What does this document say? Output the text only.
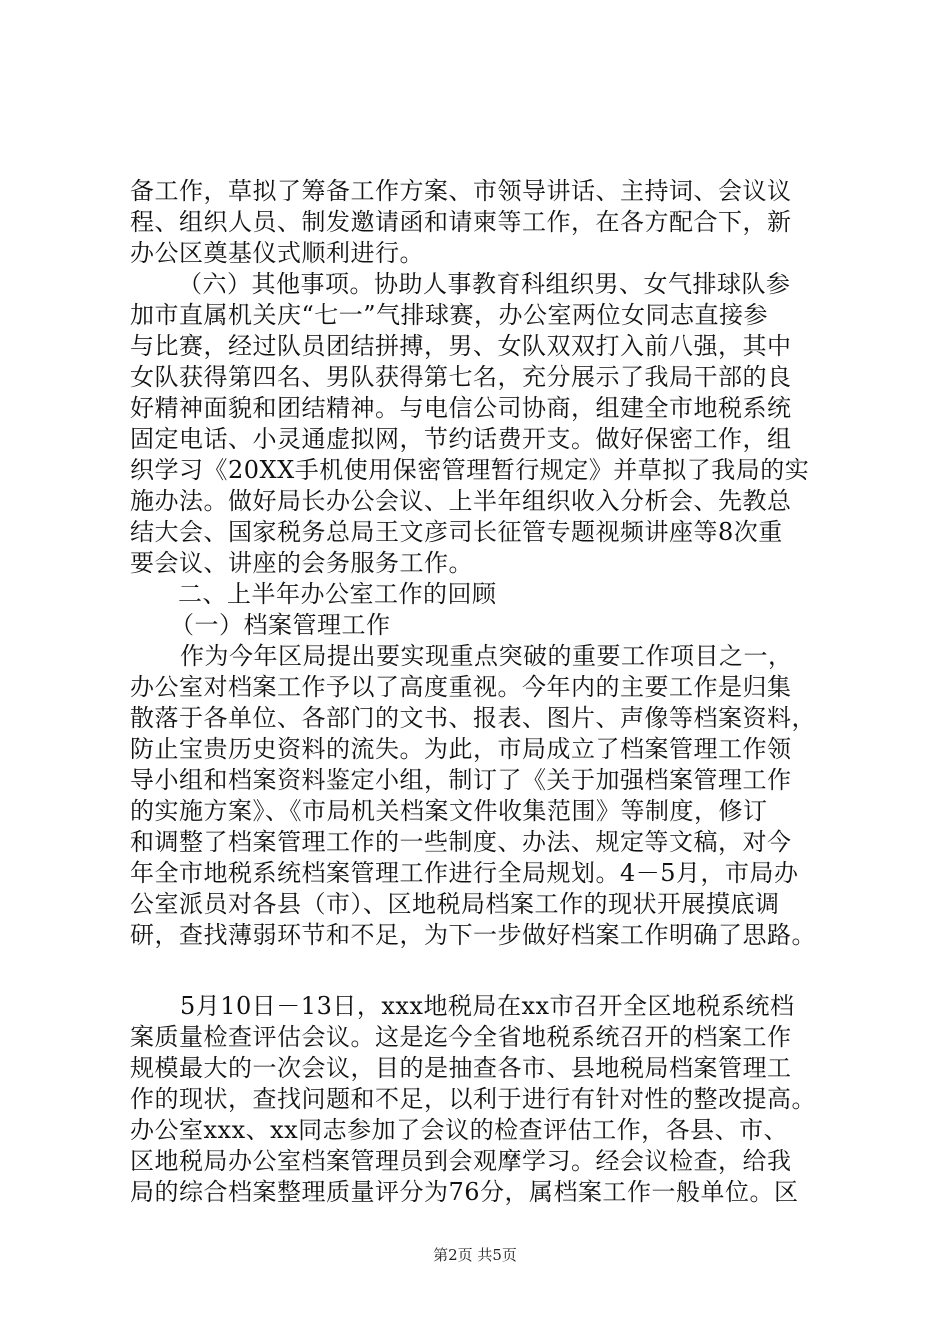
备工作，草拟了筹备工作方案、市领导讲话、主持词、会议议
程、组织人员、制发邀请函和请柬等工作，在各方配合下，新
办公区奠基仪式顺利进行。
（六）其他事项。协助人事教育科组织男、女气排球队参
加市直属机关庆“七一”气排球赛，办公室两位女同志直接参
与比赛，经过队员团结拼搏，男、女队双双打入前八强，其中
女队获得第四名、男队获得第七名，充分展示了我局干部的良
好精神面貌和团结精神。与电信公司协商，组建全市地税系统
固定电话、小灵通虚拟网，节约话费开支。做好保密工作，组
织学习《20XX手机使用保密管理暂行规定》并草拟了我局的实
施办法。做好局长办公会议、上半年组织收入分析会、先教总
结大会、国家税务总局王文彦司长征管专题视频讲座等8次重
要会议、讲座的会务服务工作。
二、上半年办公室工作的回顾
（一）档案管理工作
作为今年区局提出要实现重点突破的重要工作项目之一，
办公室对档案工作予以了高度重视。今年内的主要工作是归集
散落于各单位、各部门的文书、报表、图片、声像等档案资料，
防止宝贵历史资料的流失。为此，市局成立了档案管理工作领
导小组和档案资料鉴定小组，制订了《关于加强档案管理工作
的实施方案》、《市局机关档案文件收集范围》等制度，修订
和调整了档案管理工作的一些制度、办法、规定等文稿，对今
年全市地税系统档案管理工作进行全局规划。4－5月，市局办
公室派员对各县（市）、区地税局档案工作的现状开展摸底调
研，查找薄弱环节和不足，为下一步做好档案工作明确了思路。
5月10日－13日，xxx地税局在xx市召开全区地税系统档
案质量检查评估会议。这是迄今全省地税系统召开的档案工作
规模最大的一次会议，目的是抽查各市、县地税局档案管理工
作的现状，查找问题和不足，以利于进行有针对性的整改提高。
办公室xxx、xx同志参加了会议的检查评估工作，各县、市、
区地税局办公室档案管理员到会观摩学习。经会议检查，给我
局的综合档案整理质量评分为76分，属档案工作一般单位。区
第2页 共5页
